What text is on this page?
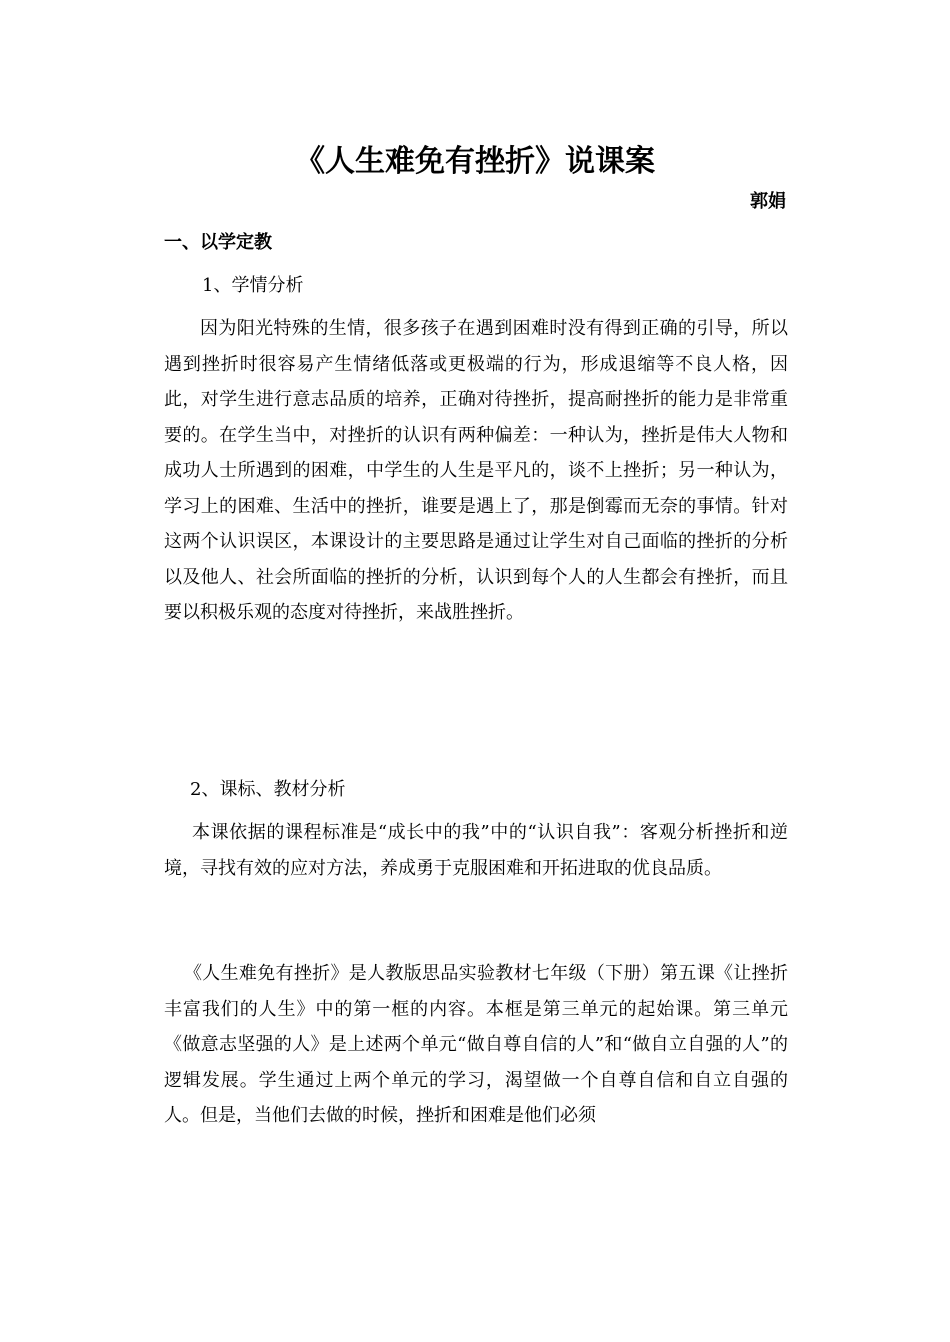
《人生难免有挫折》说课案
郭娟
一、以学定教

1、学情分析

因为阳光特殊的生情，很多孩子在遇到困难时没有得到正确的引导，所以遇到挫折时很容易产生情绪低落或更极端的行为，形成退缩等不良人格，因此，对学生进行意志品质的培养，正确对待挫折，提高耐挫折的能力是非常重要的。在学生当中，对挫折的认识有两种偏差：一种认为，挫折是伟大人物和成功人士所遇到的困难，中学生的人生是平凡的，谈不上挫折；另一种认为，学习上的困难、生活中的挫折，谁要是遇上了，那是倒霉而无奈的事情。针对这两个认识误区，本课设计的主要思路是通过让学生对自己面临的挫折的分析以及他人、社会所面临的挫折的分析，认识到每个人的人生都会有挫折，而且要以积极乐观的态度对待挫折，来战胜挫折。

2、课标、教材分析

本课依据的课程标准是“成长中的我”中的“认识自我”：客观分析挫折和逆境，寻找有效的应对方法，养成勇于克服困难和开拓进取的优良品质。

《人生难免有挫折》是人教版思品实验教材七年级（下册）第五课《让挫折丰富我们的人生》中的第一框的内容。本框是第三单元的起始课。第三单元《做意志坚强的人》是上述两个单元“做自尊自信的人”和“做自立自强的人”的逻辑发展。学生通过上两个单元的学习，渴望做一个自尊自信和自立自强的人。但是，当他们去做的时候，挫折和困难是他们必须
